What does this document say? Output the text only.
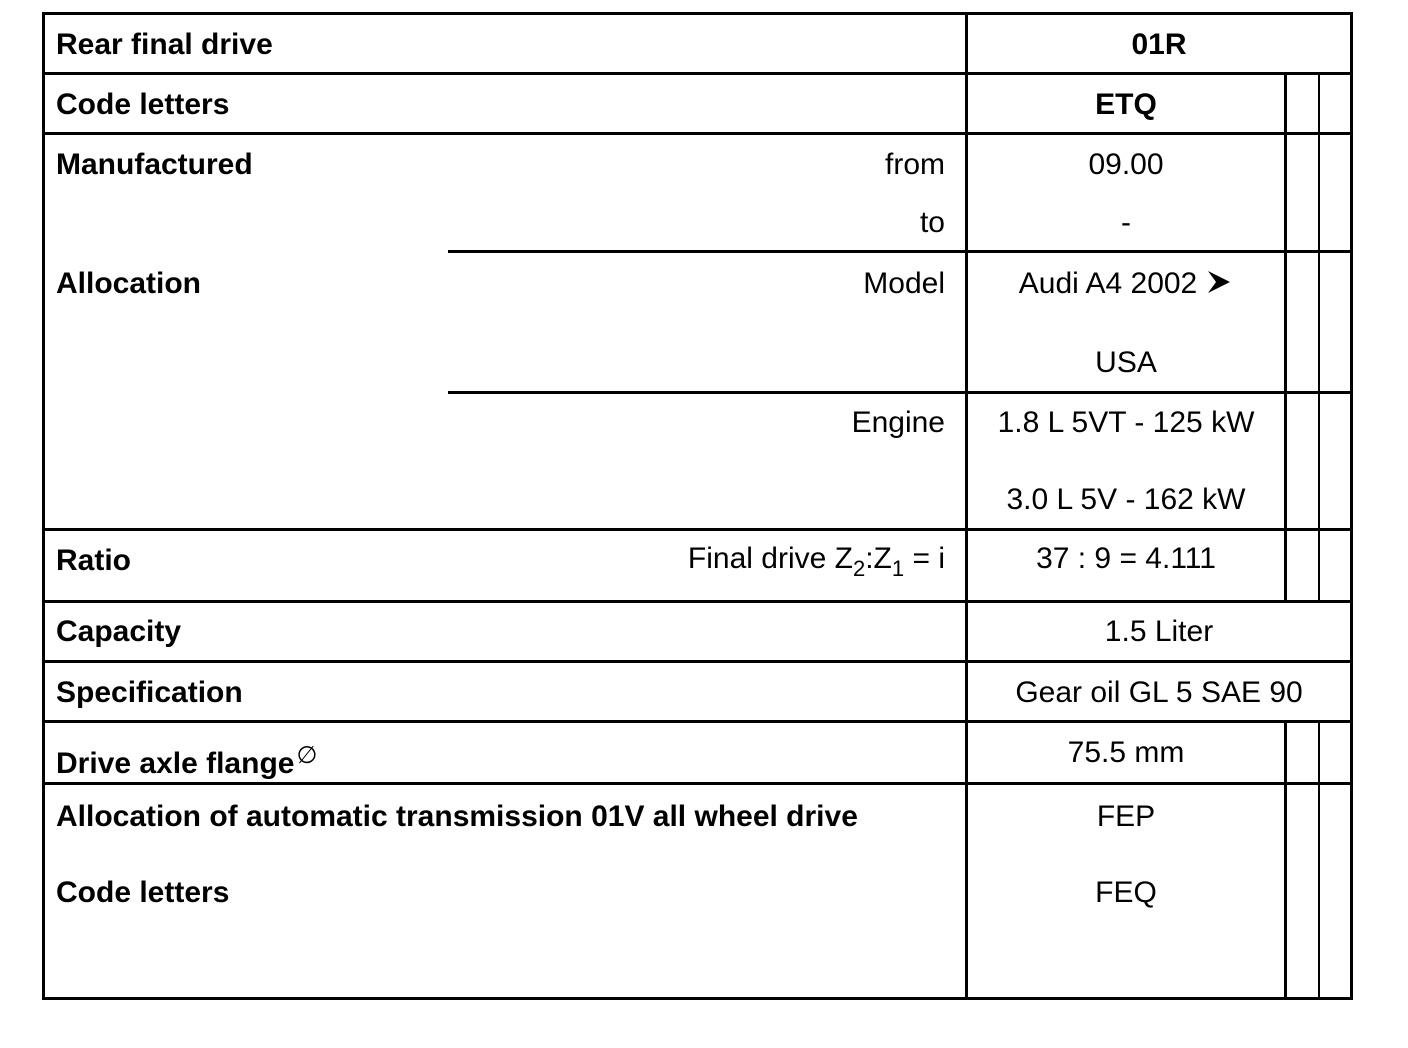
Rear final drive	01R
Code letters	ETQ
Manufactured	from	09.00
to	-
Allocation	Model	Audi A4 2002
USA
Engine	1.8 L 5VT - 125 kW
3.0 L 5V - 162 kW
Ratio	Final drive $Z_2:Z_1 = i$	37 : 9 = 4.111
Capacity	1.5 Liter
Specification	Gear oil GL 5 SAE 90
Drive axle flange∅	75.5 mm
Allocation of automatic transmission 01V all wheel drive	FEP
Code letters	FEQ
